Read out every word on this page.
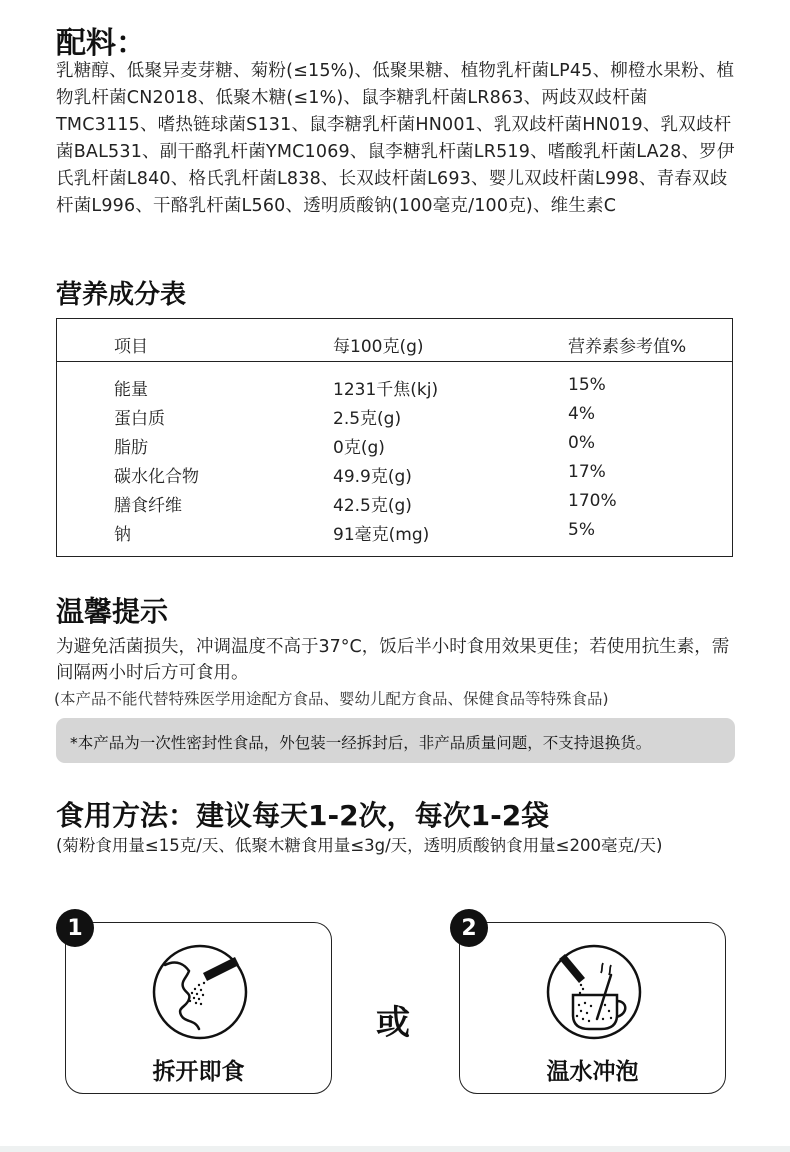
配料：
乳糖醇、低聚异麦芽糖、菊粉(≤15%)、低聚果糖、植物乳杆菌LP45、柳橙水果粉、植物乳杆菌CN2018、低聚木糖(≤1%)、鼠李糖乳杆菌LR863、两歧双歧杆菌TMC3115、嗜热链球菌S131、鼠李糖乳杆菌HN001、乳双歧杆菌HN019、乳双歧杆菌BAL531、副干酪乳杆菌YMC1069、鼠李糖乳杆菌LR519、嗜酸乳杆菌LA28、罗伊氏乳杆菌L840、格氏乳杆菌L838、长双歧杆菌L693、婴儿双歧杆菌L998、青春双歧杆菌L996、干酪乳杆菌L560、透明质酸钠(100毫克/100克)、维生素C
营养成分表
项目	每100克(g)	营养素参考值%
能量	1231千焦(kj)	15%
蛋白质	2.5克(g)	4%
脂肪	0克(g)	0%
碳水化合物	49.9克(g)	17%
膳食纤维	42.5克(g)	170%
钠	91毫克(mg)	5%
温馨提示
为避免活菌损失，冲调温度不高于37°C，饭后半小时食用效果更佳；若使用抗生素，需间隔两小时后方可食用。
(本产品不能代替特殊医学用途配方食品、婴幼儿配方食品、保健食品等特殊食品)
*本产品为一次性密封性食品，外包装一经拆封后，非产品质量问题，不支持退换货。
食用方法：建议每天1-2次，每次1-2袋
(菊粉食用量≤15克/天、低聚木糖食用量≤3g/天，透明质酸钠食用量≤200毫克/天)
拆开即食
1
或
温水冲泡
2
